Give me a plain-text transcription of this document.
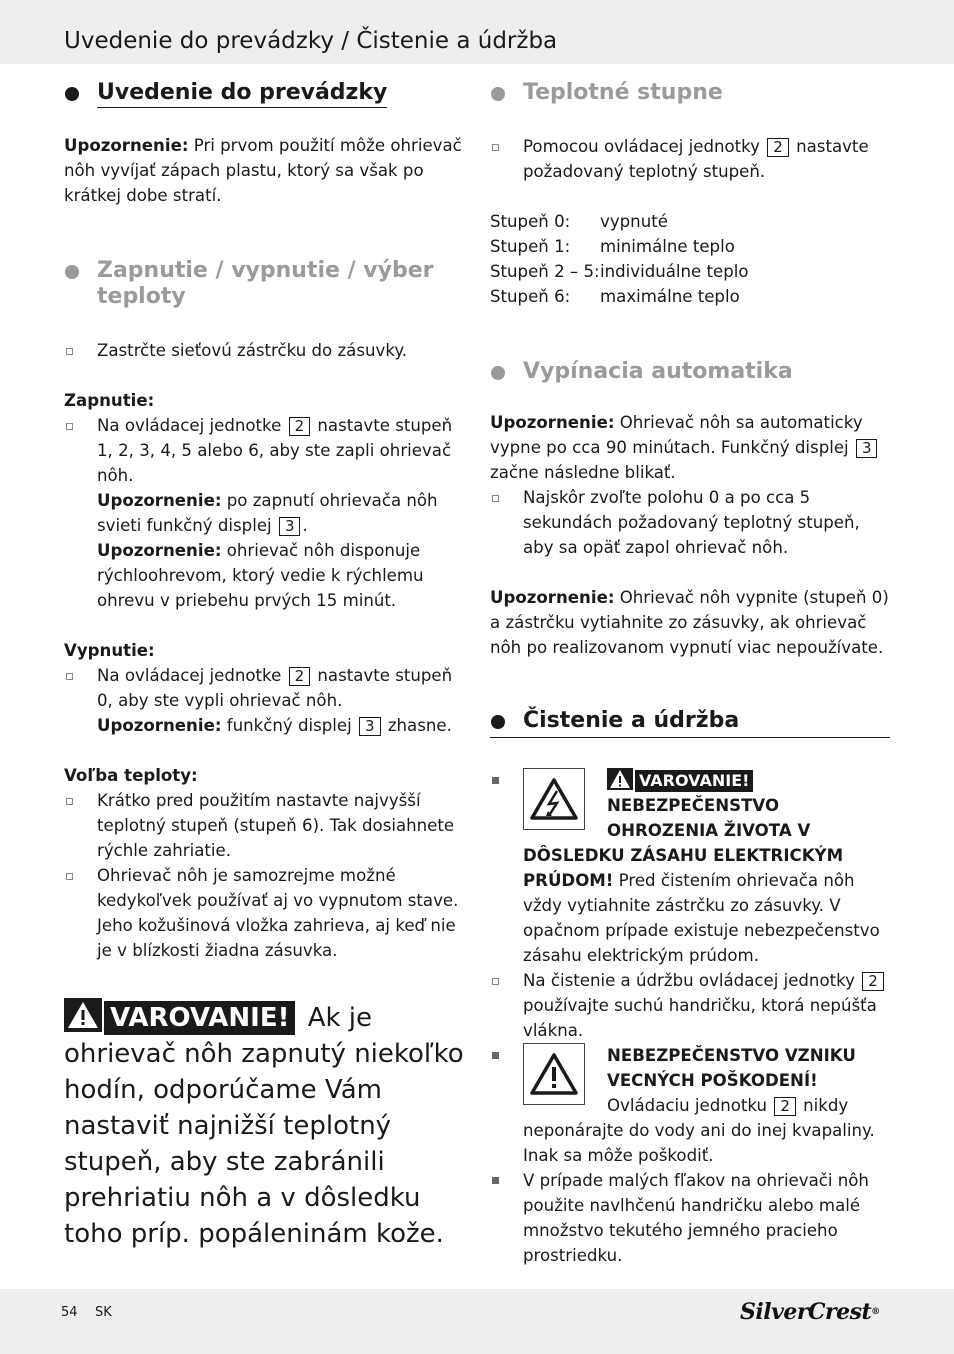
Uvedenie do prevádzky / Čistenie a údržba
Uvedenie do prevádzky

Upozornenie: Pri prvom použití môže ohrievač nôh vyvíjať zápach plastu, ktorý sa však po krátkej dobe stratí.

Zapnutie / vypnutie / výber teploty
Zastrčte sieťovú zástrčku do zásuvky.

Zapnutie:

Na ovládacej jednotke 2 nastavte stupeň 1, 2, 3, 4, 5 alebo 6, aby ste zapli ohrievač nôh.
Upozornenie: po zapnutí ohrievača nôh svieti funkčný displej 3 .
Upozornenie: ohrievač nôh disponuje rýchloohrevom, ktorý vedie k rýchlemu ohrevu v priebehu prvých 15 minút.

Vypnutie:

Na ovládacej jednotke 2 nastavte stupeň 0, aby ste vypli ohrievač nôh.
Upozornenie: funkčný displej 3 zhasne.

Voľba teploty:

Krátko pred použitím nastavte najvyšší teplotný stupeň (stupeň 6). Tak dosiahnete rýchle zahriatie.
Ohrievač nôh je samozrejme možné kedykoľvek používať aj vo vypnutom stave. Jeho kožušinová vložka zahrieva, aj keď nie je v blízkosti žiadna zásuvka.

VAROVANIE! Ak je ohrievač nôh zapnutý niekoľko hodín, odporúčame Vám nastaviť najnižší teplotný stupeň, aby ste zabránili prehriatiu nôh a v dôsledku toho príp. popáleninám kože.

Teplotné stupne
Pomocou ovládacej jednotky 2 nastavte požadovaný teplotný stupeň.
Stupeň 0:	vypnuté
Stupeň 1:	minimálne teplo
Stupeň 2 – 5: individuálne teplo
Stupeň 6:	maximálne teplo
Vypínacia automatika

Upozornenie: Ohrievač nôh sa automaticky vypne po cca 90 minútach. Funkčný displej 3 začne následne blikať.

Najskôr zvoľte polohu 0 a po cca 5 sekundách požadovaný teplotný stupeň, aby sa opäť zapol ohrievač nôh.

Upozornenie: Ohrievač nôh vypnite (stupeň 0) a zástrčku vytiahnite zo zásuvky, ak ohrievač nôh po realizovanom vypnutí viac nepoužívate.

Čistenie a údržba
VAROVANIE! NEBEZPEČENSTVO OHROZENIA ŽIVOTA V DÔSLEDKU ZÁSAHU ELEKTRICKÝM PRÚDOM! Pred čistením ohrievača nôh vždy vytiahnite zástrčku zo zásuvky. V opačnom prípade existuje nebezpečenstvo zásahu elektrickým prúdom.
Na čistenie a údržbu ovládacej jednotky 2 používajte suchú handričku, ktorá nepúšťa vlákna.
NEBEZPEČENSTVO VZNIKU VECNÝCH POŠKODENÍ! Ovládaciu jednotku 2 nikdy neponárajte do vody ani do inej kvapaliny. Inak sa môže poškodiť.
V prípade malých fľakov na ohrievači nôh použite navlhčenú handričku alebo malé množstvo tekutého jemného pracieho prostriedku.
54 SK	SilverCrest®
